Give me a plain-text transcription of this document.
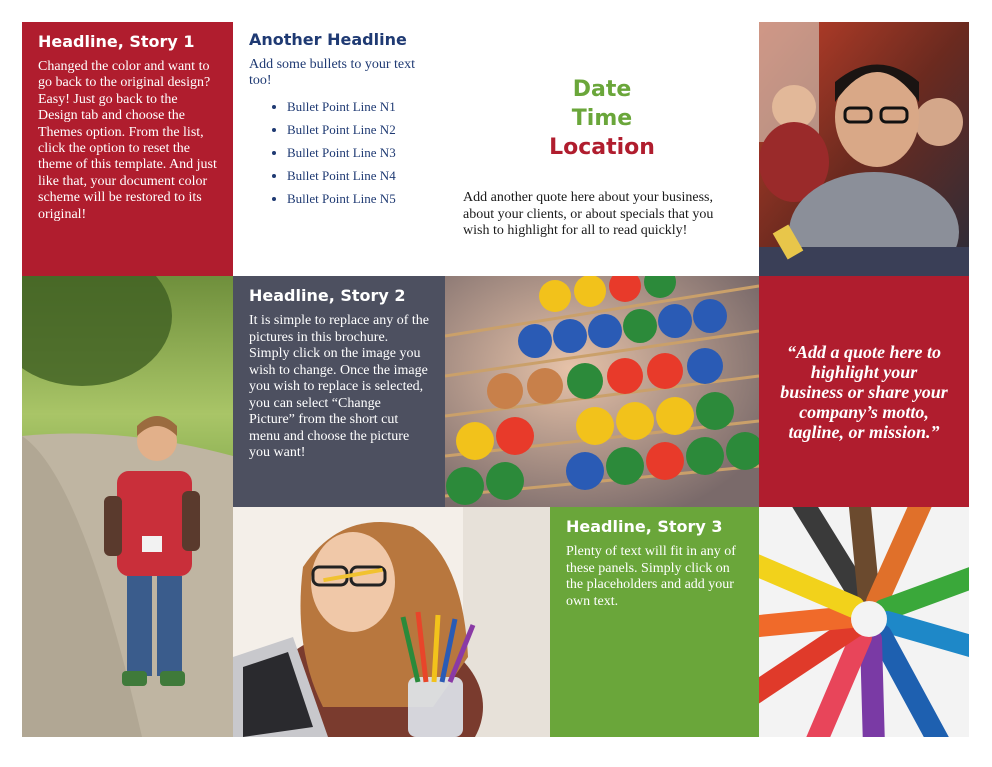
Headline, Story 1

Changed the color and want to go back to the original design? Easy! Just go back to the Design tab and choose the Themes option. From the list, click the option to reset the theme of this template. And just like that, your document color scheme will be restored to its original!

Another Headline

Add some bullets to your text too!

• Bullet Point Line N1
• Bullet Point Line N2
• Bullet Point Line N3
• Bullet Point Line N4
• Bullet Point Line N5
Date
Time
Location

Add another quote here about your business, about your clients, or about specials that you wish to highlight for all to read quickly!

Headline, Story 2

It is simple to replace any of the pictures in this brochure. Simply click on the image you wish to change. Once the image you wish to replace is selected, you can select “Change Picture” from the short cut menu and choose the picture you want!

“Add a quote here to highlight your business or share your company’s motto, tagline, or mission.”

Headline, Story 3

Plenty of text will fit in any of these panels. Simply click on the placeholders and add your own text.
